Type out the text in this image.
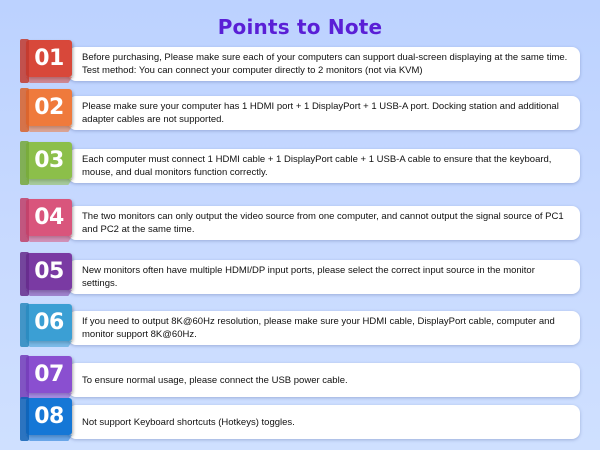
Points to Note
Before purchasing, Please make sure each of your computers can support dual-screen displaying at the same time. Test method: You can connect your computer directly to 2 monitors (not via KVM)
01
Please make sure your computer has 1 HDMI port + 1 DisplayPort + 1 USB-A port. Docking station and additional adapter cables are not supported.
02
Each computer must connect 1 HDMI cable + 1 DisplayPort cable + 1 USB-A cable to ensure that the keyboard, mouse, and dual monitors function correctly.
03
The two monitors can only output the video source from one computer, and cannot output the signal source of PC1 and PC2 at the same time.
04
New monitors often have multiple HDMI/DP input ports, please select the correct input source in the monitor settings.
05
If you need to output 8K@60Hz resolution, please make sure your HDMI cable, DisplayPort cable, computer and monitor support 8K@60Hz.
06
To ensure normal usage, please connect the USB power cable.
07
Not support Keyboard shortcuts (Hotkeys) toggles.
08
